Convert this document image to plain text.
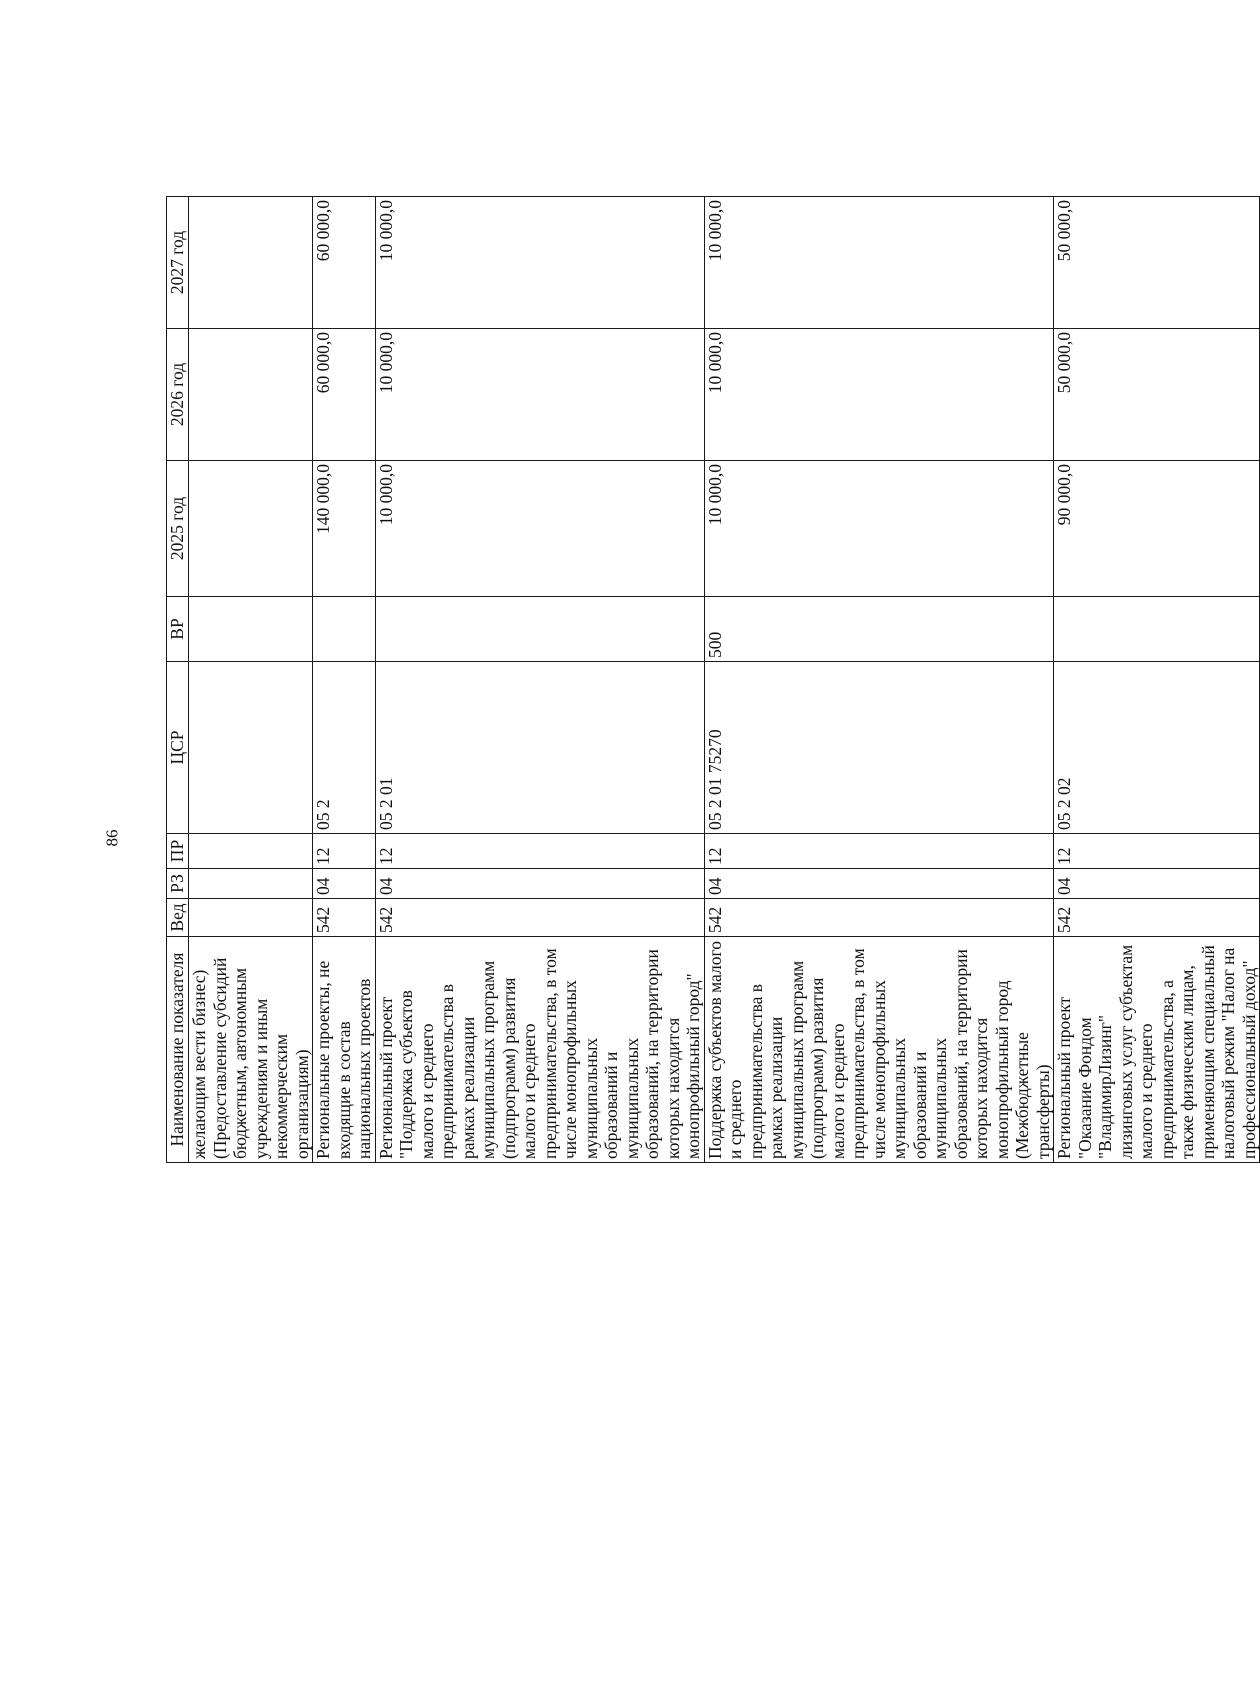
86
Наименование показателя	Вед	РЗ	ПР	ЦСР	ВР	2025 год	2026 год	2027 год
желающим вести бизнес) (Предоставление субсидий бюджетным, автономным учреждениям и иным некоммерческим организациям)								
Региональные проекты, не входящие в состав национальных проектов	542	04	12	05 2		140 000,0	60 000,0	60 000,0
Региональный проект "Поддержка субъектов малого и среднего предпринимательства в рамках реализации муниципальных программ (подпрограмм) развития малого и среднего предпринимательства, в том числе монопрофильных муниципальных образований и муниципальных образований, на территории которых находится монопрофильный город"	542	04	12	05 2 01		10 000,0	10 000,0	10 000,0
Поддержка субъектов малого и среднего предпринимательства в рамках реализации муниципальных программ (подпрограмм) развития малого и среднего предпринимательства, в том числе монопрофильных муниципальных образований и муниципальных образований, на территории которых находится монопрофильный город (Межбюджетные трансферты)	542	04	12	05 2 01 75270	500	10 000,0	10 000,0	10 000,0
Региональный проект "Оказание Фондом "ВладимирЛизинг" лизинговых услуг субъектам малого и среднего предпринимательства, а также физическим лицам, применяющим специальный налоговый режим "Налог на профессиональный доход"	542	04	12	05 2 02		90 000,0	50 000,0	50 000,0
